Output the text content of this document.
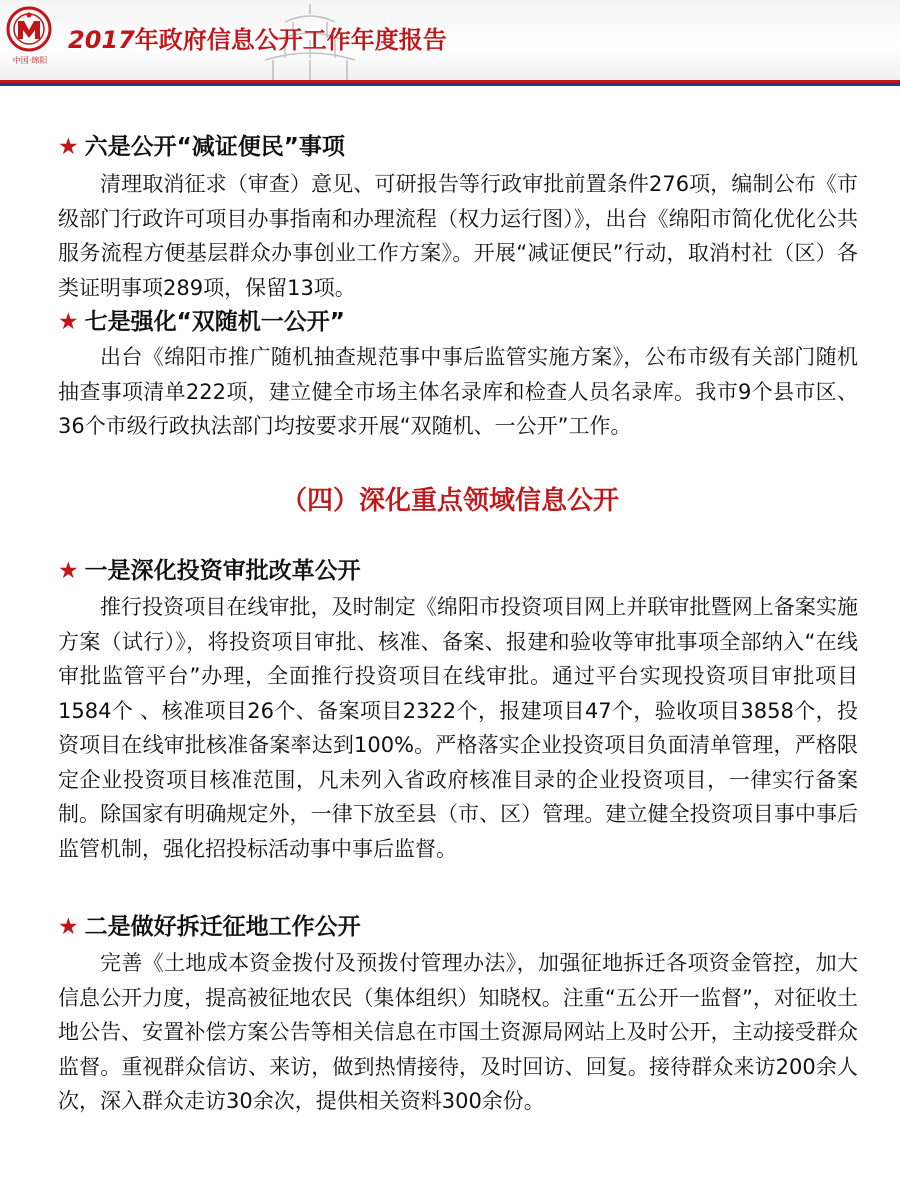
中国·绵阳
2017年政府信息公开工作年度报告
★ 六是公开“减证便民”事项

清理取消征求（审查）意见、可研报告等行政审批前置条件276项，编制公布《市级部门行政许可项目办事指南和办理流程（权力运行图）》，出台《绵阳市简化优化公共服务流程方便基层群众办事创业工作方案》。开展“减证便民”行动，取消村社（区）各类证明事项289项，保留13项。

★ 七是强化“双随机一公开”

出台《绵阳市推广随机抽查规范事中事后监管实施方案》，公布市级有关部门随机抽查事项清单222项，建立健全市场主体名录库和检查人员名录库。我市9个县市区、36个市级行政执法部门均按要求开展“双随机、一公开”工作。

（四）深化重点领域信息公开
★ 一是深化投资审批改革公开

推行投资项目在线审批，及时制定《绵阳市投资项目网上并联审批暨网上备案实施方案（试行）》，将投资项目审批、核准、备案、报建和验收等审批事项全部纳入“在线审批监管平台”办理，全面推行投资项目在线审批。通过平台实现投资项目审批项目1584个 、核准项目26个、备案项目2322个，报建项目47个，验收项目3858个，投资项目在线审批核准备案率达到100%。严格落实企业投资项目负面清单管理，严格限定企业投资项目核准范围，凡未列入省政府核准目录的企业投资项目，一律实行备案制。除国家有明确规定外，一律下放至县（市、区）管理。建立健全投资项目事中事后监管机制，强化招投标活动事中事后监督。

★ 二是做好拆迁征地工作公开

完善《土地成本资金拨付及预拨付管理办法》，加强征地拆迁各项资金管控，加大信息公开力度，提高被征地农民（集体组织）知晓权。注重“五公开一监督”，对征收土地公告、安置补偿方案公告等相关信息在市国土资源局网站上及时公开，主动接受群众监督。重视群众信访、来访，做到热情接待，及时回访、回复。接待群众来访200余人次，深入群众走访30余次，提供相关资料300余份。
